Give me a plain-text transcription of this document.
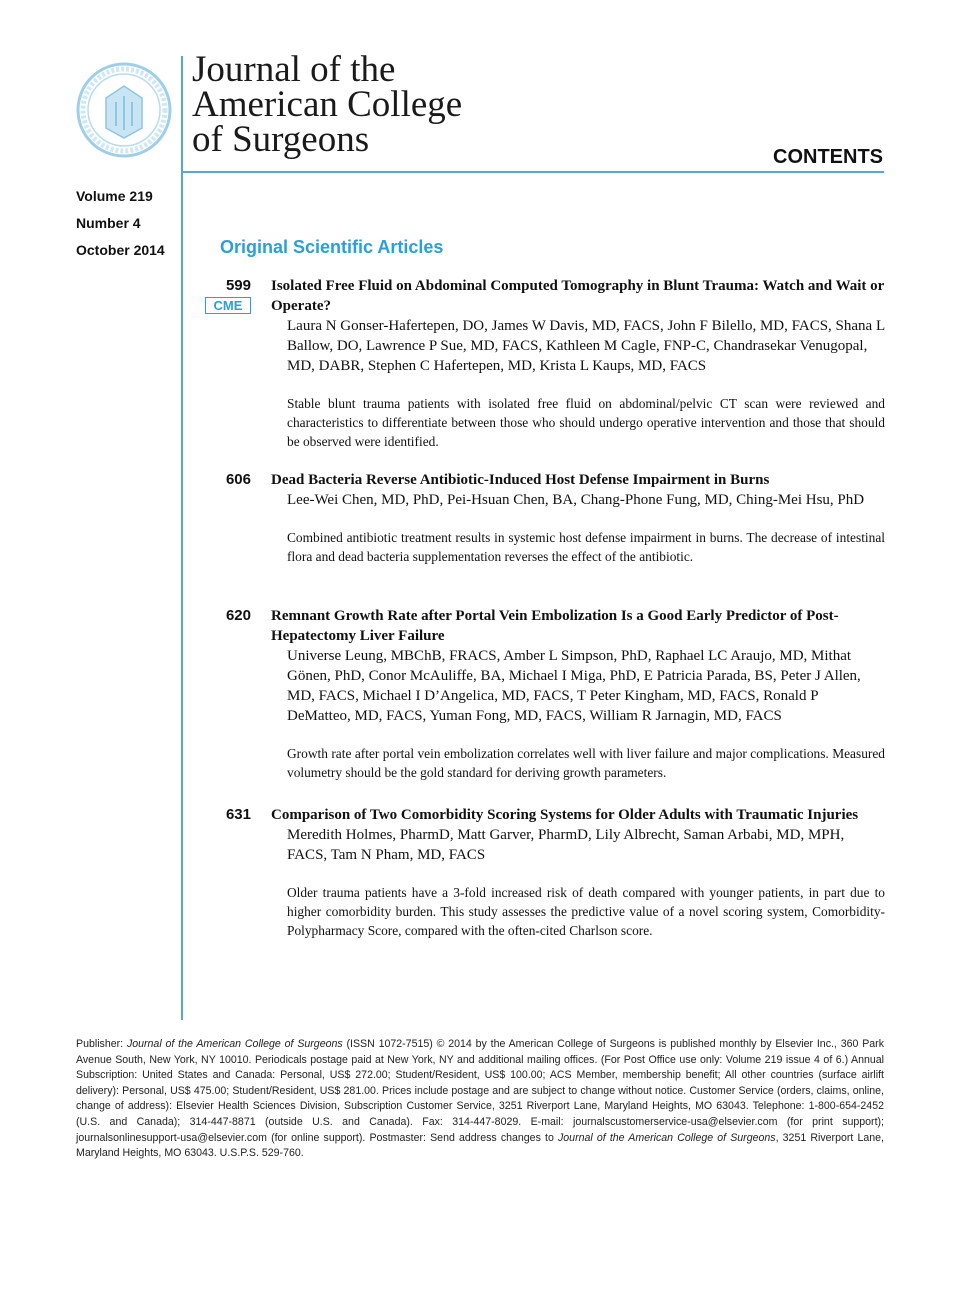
Journal of the
American College
of Surgeons	CONTENTS
Volume 219
Number 4
October 2014	Original Scientific Articles
599
CME
Isolated Free Fluid on Abdominal Computed Tomography in Blunt Trauma: Watch and Wait or Operate?
Laura N Gonser-Hafertepen, DO, James W Davis, MD, FACS, John F Bilello, MD, FACS, Shana L Ballow, DO, Lawrence P Sue, MD, FACS, Kathleen M Cagle, FNP-C, Chandrasekar Venugopal, MD, DABR, Stephen C Hafertepen, MD, Krista L Kaups, MD, FACS
Stable blunt trauma patients with isolated free fluid on abdominal/pelvic CT scan were reviewed and characteristics to differentiate between those who should undergo operative intervention and those that should be observed were identified.
606 Dead Bacteria Reverse Antibiotic-Induced Host Defense Impairment in Burns
Lee-Wei Chen, MD, PhD, Pei-Hsuan Chen, BA, Chang-Phone Fung, MD, Ching-Mei Hsu, PhD
Combined antibiotic treatment results in systemic host defense impairment in burns. The decrease of intestinal flora and dead bacteria supplementation reverses the effect of the antibiotic.
620 Remnant Growth Rate after Portal Vein Embolization Is a Good Early Predictor of Post-Hepatectomy Liver Failure
Universe Leung, MBChB, FRACS, Amber L Simpson, PhD, Raphael LC Araujo, MD, Mithat Gönen, PhD, Conor McAuliffe, BA, Michael I Miga, PhD, E Patricia Parada, BS, Peter J Allen, MD, FACS, Michael I D’Angelica, MD, FACS, T Peter Kingham, MD, FACS, Ronald P DeMatteo, MD, FACS, Yuman Fong, MD, FACS, William R Jarnagin, MD, FACS
Growth rate after portal vein embolization correlates well with liver failure and major complications. Measured volumetry should be the gold standard for deriving growth parameters.
631 Comparison of Two Comorbidity Scoring Systems for Older Adults with Traumatic Injuries
Meredith Holmes, PharmD, Matt Garver, PharmD, Lily Albrecht, Saman Arbabi, MD, MPH, FACS, Tam N Pham, MD, FACS
Older trauma patients have a 3-fold increased risk of death compared with younger patients, in part due to higher comorbidity burden. This study assesses the predictive value of a novel scoring system, Comorbidity-Polypharmacy Score, compared with the often-cited Charlson score.
Publisher: Journal of the American College of Surgeons (ISSN 1072-7515) © 2014 by the American College of Surgeons is published monthly by Elsevier Inc., 360 Park Avenue South, New York, NY 10010. Periodicals postage paid at New York, NY and additional mailing offices. (For Post Office use only: Volume 219 issue 4 of 6.) Annual Subscription: United States and Canada: Personal, US$ 272.00; Student/Resident, US$ 100.00; ACS Member, membership benefit; All other countries (surface airlift delivery): Personal, US$ 475.00; Student/Resident, US$ 281.00. Prices include postage and are subject to change without notice. Customer Service (orders, claims, online, change of address): Elsevier Health Sciences Division, Subscription Customer Service, 3251 Riverport Lane, Maryland Heights, MO 63043. Telephone: 1-800-654-2452 (U.S. and Canada); 314-447-8871 (outside U.S. and Canada). Fax: 314-447-8029. E-mail: journalscustomerservice-usa@elsevier.com (for print support); journalsonlinesupport-usa@elsevier.com (for online support). Postmaster: Send address changes to Journal of the American College of Surgeons, 3251 Riverport Lane, Maryland Heights, MO 63043. U.S.P.S. 529-760.
